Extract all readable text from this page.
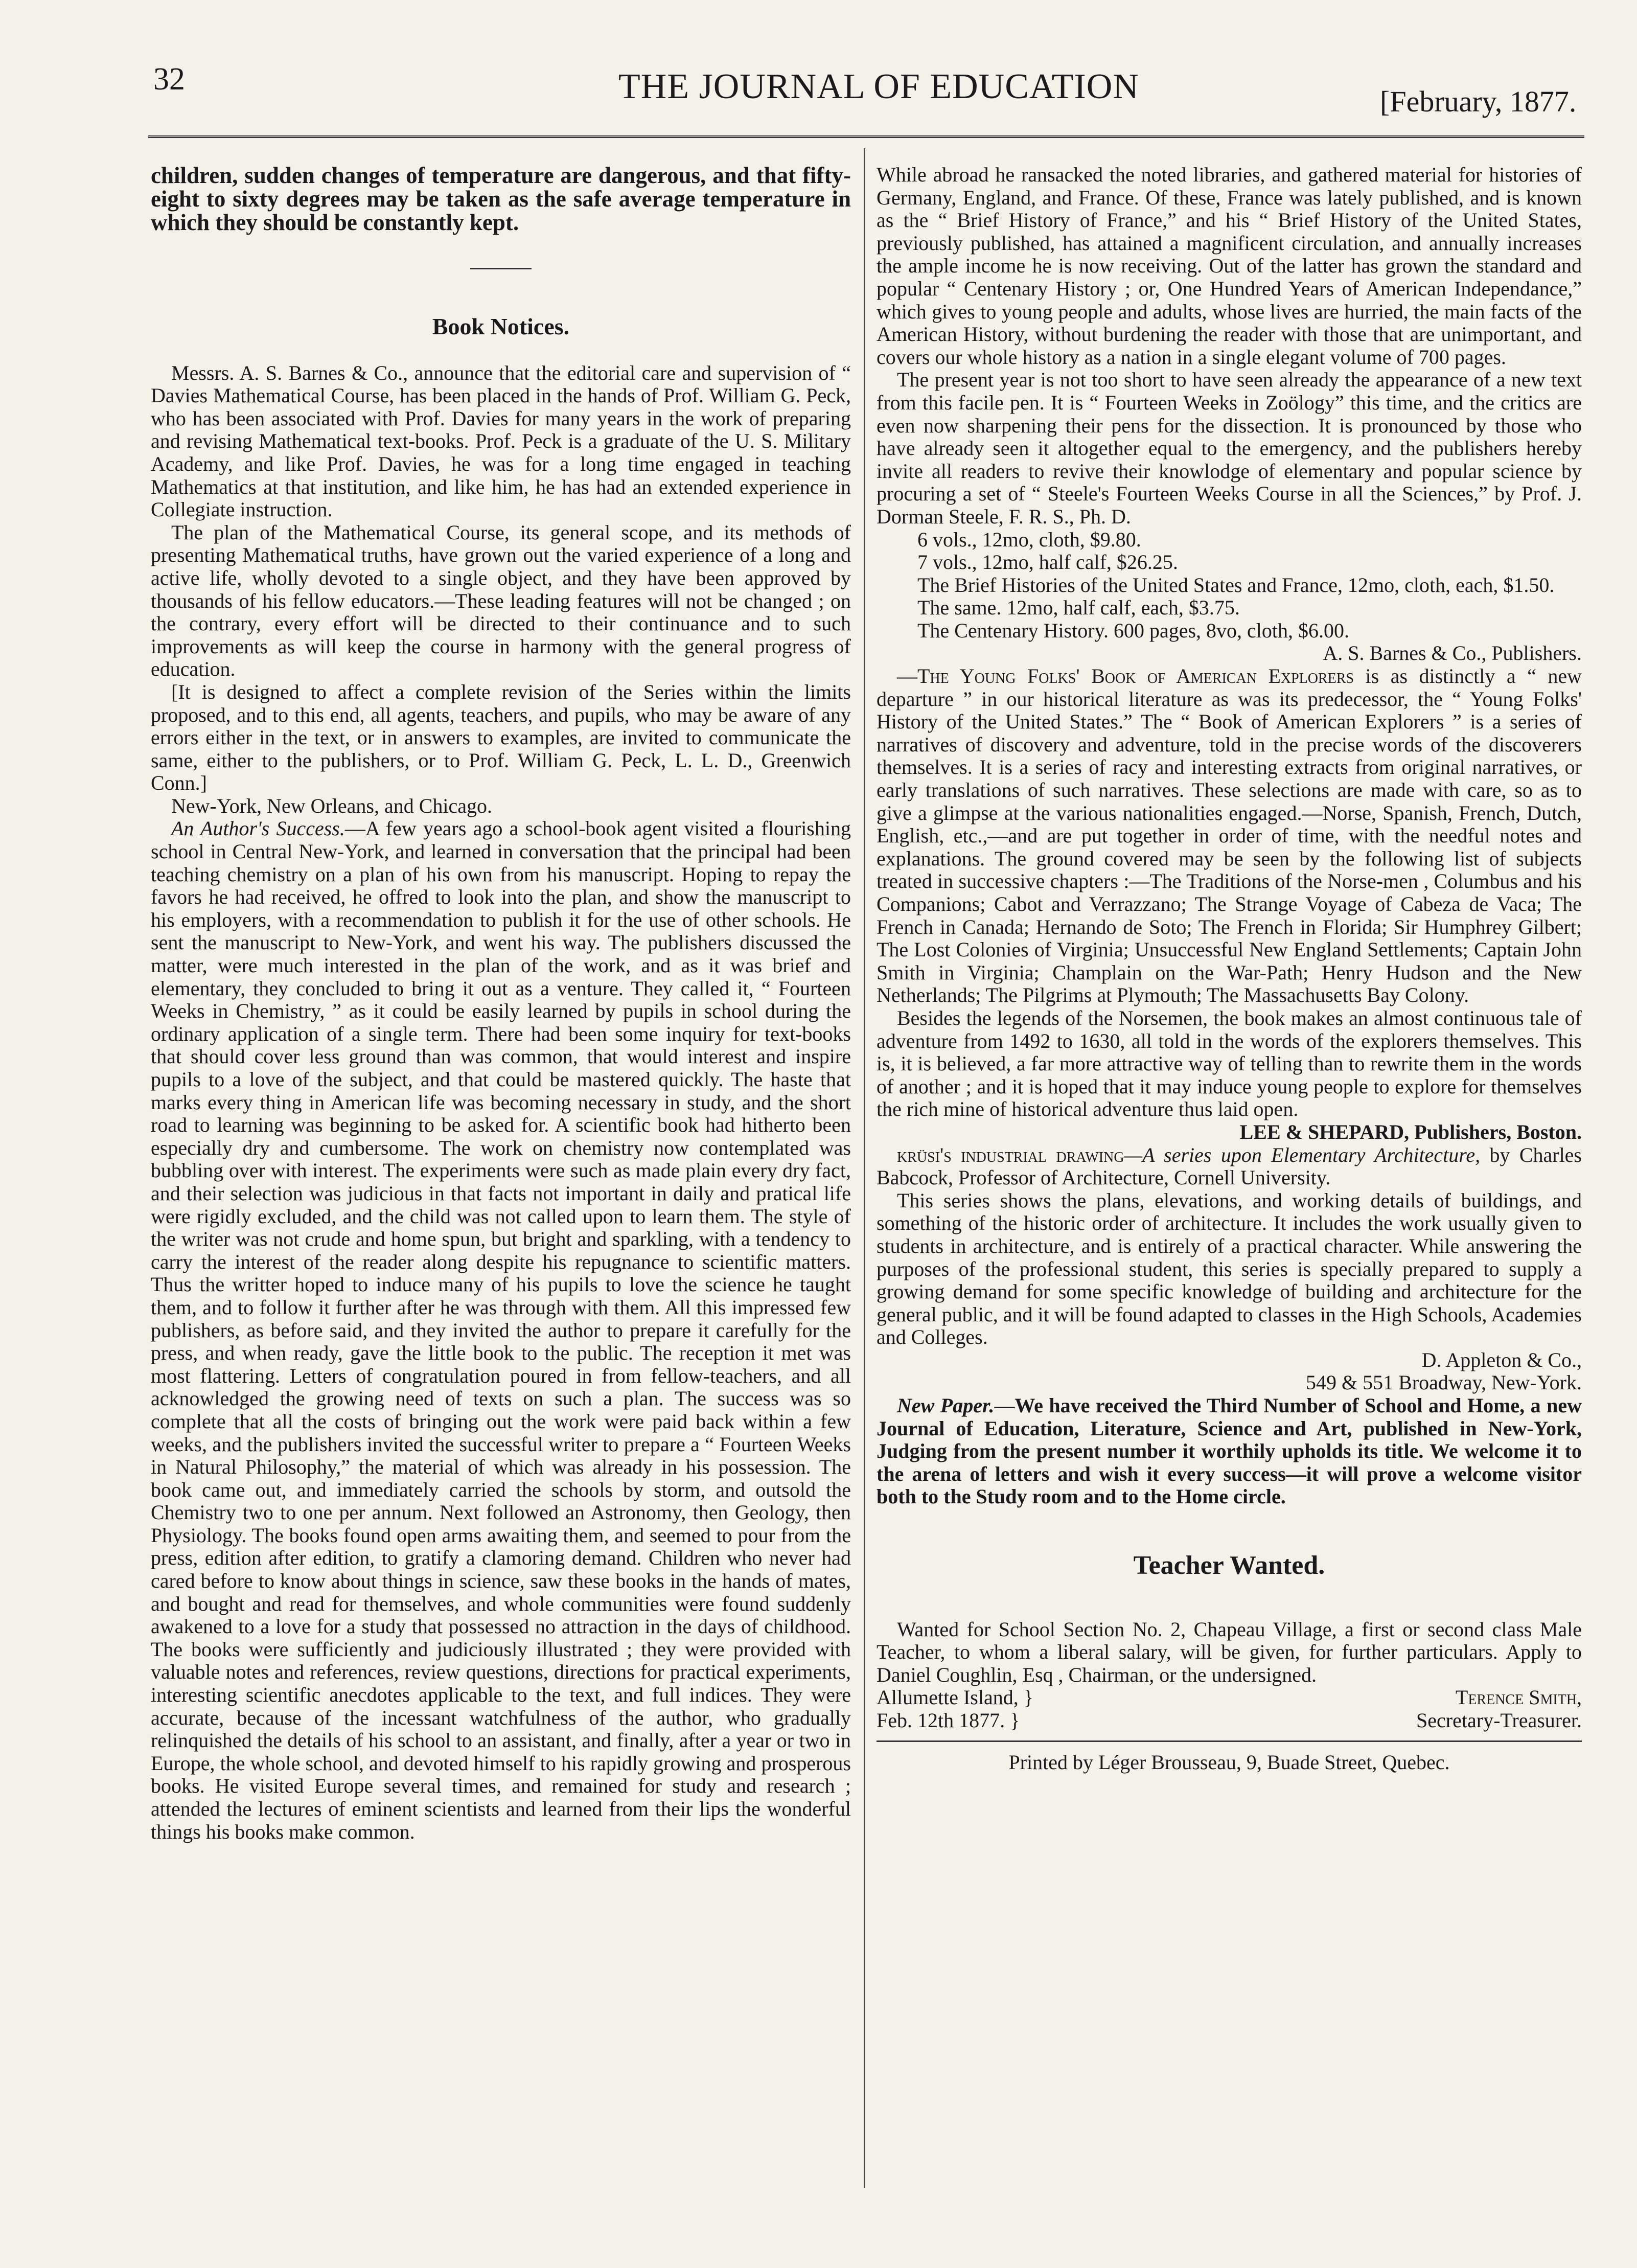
32	THE JOURNAL OF EDUCATION	[February, 1877.

children, sudden changes of temperature are dangerous, and that fifty-eight to sixty degrees may be taken as the safe average temperature in which they should be constantly kept.

Book Notices.

Messrs. A. S. Barnes & Co., announce that the editorial care and supervision of “ Davies Mathematical Course, has been placed in the hands of Prof. William G. Peck, who has been associated with Prof. Davies for many years in the work of preparing and revising Mathematical text-books. Prof. Peck is a graduate of the U. S. Military Academy, and like Prof. Davies, he was for a long time engaged in teaching Mathematics at that institution, and like him, he has had an extended experience in Collegiate instruction.

The plan of the Mathematical Course, its general scope, and its methods of presenting Mathematical truths, have grown out the varied experience of a long and active life, wholly devoted to a single object, and they have been approved by thousands of his fellow educators.—These leading features will not be changed ; on the contrary, every effort will be directed to their continuance and to such improvements as will keep the course in harmony with the general progress of education.

[It is designed to affect a complete revision of the Series within the limits proposed, and to this end, all agents, teachers, and pupils, who may be aware of any errors either in the text, or in answers to examples, are invited to communicate the same, either to the publishers, or to Prof. William G. Peck, L. L. D., Greenwich Conn.]

New-York, New Orleans, and Chicago.

An Author's Success.—A few years ago a school-book agent visited a flourishing school in Central New-York, and learned in conversation that the principal had been teaching chemistry on a plan of his own from his manuscript. Hoping to repay the favors he had received, he offred to look into the plan, and show the manuscript to his employers, with a recommendation to publish it for the use of other schools. He sent the manuscript to New-York, and went his way. The publishers discussed the matter, were much interested in the plan of the work, and as it was brief and elementary, they concluded to bring it out as a venture. They called it, “ Fourteen Weeks in Chemistry, ” as it could be easily learned by pupils in school during the ordinary application of a single term. There had been some inquiry for text-books that should cover less ground than was common, that would interest and inspire pupils to a love of the subject, and that could be mastered quickly. The haste that marks every thing in American life was becoming necessary in study, and the short road to learning was beginning to be asked for. A scientific book had hitherto been especially dry and cumbersome. The work on chemistry now contemplated was bubbling over with interest. The experiments were such as made plain every dry fact, and their selection was judicious in that facts not important in daily and pratical life were rigidly excluded, and the child was not called upon to learn them. The style of the writer was not crude and home spun, but bright and sparkling, with a tendency to carry the interest of the reader along despite his repugnance to scientific matters. Thus the writter hoped to induce many of his pupils to love the science he taught them, and to follow it further after he was through with them. All this impressed few publishers, as before said, and they invited the author to prepare it carefully for the press, and when ready, gave the little book to the public. The reception it met was most flattering. Letters of congratulation poured in from fellow-teachers, and all acknowledged the growing need of texts on such a plan. The success was so complete that all the costs of bringing out the work were paid back within a few weeks, and the publishers invited the successful writer to prepare a “ Fourteen Weeks in Natural Philosophy,” the material of which was already in his possession. The book came out, and immediately carried the schools by storm, and outsold the Chemistry two to one per annum. Next followed an Astronomy, then Geology, then Physiology. The books found open arms awaiting them, and seemed to pour from the press, edition after edition, to gratify a clamoring demand. Children who never had cared before to know about things in science, saw these books in the hands of mates, and bought and read for themselves, and whole communities were found suddenly awakened to a love for a study that possessed no attraction in the days of childhood. The books were sufficiently and judiciously illustrated ; they were provided with valuable notes and references, review questions, directions for practical experiments, interesting scientific anecdotes applicable to the text, and full indices. They were accurate, because of the incessant watchfulness of the author, who gradually relinquished the details of his school to an assistant, and finally, after a year or two in Europe, the whole school, and devoted himself to his rapidly growing and prosperous books. He visited Europe several times, and remained for study and research ; attended the lectures of eminent scientists and learned from their lips the wonderful things his books make common.

While abroad he ransacked the noted libraries, and gathered material for histories of Germany, England, and France. Of these, France was lately published, and is known as the “ Brief History of France,” and his “ Brief History of the United States, previously published, has attained a magnificent circulation, and annually increases the ample income he is now receiving. Out of the latter has grown the standard and popular “ Centenary History ; or, One Hundred Years of American Independance,” which gives to young people and adults, whose lives are hurried, the main facts of the American History, without burdening the reader with those that are unimportant, and covers our whole history as a nation in a single elegant volume of 700 pages.

The present year is not too short to have seen already the appearance of a new text from this facile pen. It is “ Fourteen Weeks in Zoölogy” this time, and the critics are even now sharpening their pens for the dissection. It is pronounced by those who have already seen it altogether equal to the emergency, and the publishers hereby invite all readers to revive their knowlodge of elementary and popular science by procuring a set of “ Steele's Fourteen Weeks Course in all the Sciences,” by Prof. J. Dorman Steele, F. R. S., Ph. D.

6 vols., 12mo, cloth, $9.80.

7 vols., 12mo, half calf, $26.25.

The Brief Histories of the United States and France, 12mo, cloth, each, $1.50.

The same. 12mo, half calf, each, $3.75.

The Centenary History. 600 pages, 8vo, cloth, $6.00.

A. S. Barnes & Co., Publishers.

—The Young Folks' Book of American Explorers is as distinctly a “ new departure ” in our historical literature as was its predecessor, the “ Young Folks' History of the United States.” The “ Book of American Explorers ” is a series of narratives of discovery and adventure, told in the precise words of the discoverers themselves. It is a series of racy and interesting extracts from original narratives, or early translations of such narratives. These selections are made with care, so as to give a glimpse at the various nationalities engaged.—Norse, Spanish, French, Dutch, English, etc.,—and are put together in order of time, with the needful notes and explanations. The ground covered may be seen by the following list of subjects treated in successive chapters :—The Traditions of the Norse-men , Columbus and his Companions; Cabot and Verrazzano; The Strange Voyage of Cabeza de Vaca; The French in Canada; Hernando de Soto; The French in Florida; Sir Humphrey Gilbert; The Lost Colonies of Virginia; Unsuccessful New England Settlements; Captain John Smith in Virginia; Champlain on the War-Path; Henry Hudson and the New Netherlands; The Pilgrims at Plymouth; The Massachusetts Bay Colony.

Besides the legends of the Norsemen, the book makes an almost continuous tale of adventure from 1492 to 1630, all told in the words of the explorers themselves. This is, it is believed, a far more attractive way of telling than to rewrite them in the words of another ; and it is hoped that it may induce young people to explore for themselves the rich mine of historical adventure thus laid open.

LEE & SHEPARD, Publishers, Boston.

krüsi's industrial drawing—A series upon Elementary Architecture, by Charles Babcock, Professor of Architecture, Cornell University.

This series shows the plans, elevations, and working details of buildings, and something of the historic order of architecture. It includes the work usually given to students in architecture, and is entirely of a practical character. While answering the purposes of the professional student, this series is specially prepared to supply a growing demand for some specific knowledge of building and architecture for the general public, and it will be found adapted to classes in the High Schools, Academies and Colleges.

D. Appleton & Co.,

549 & 551 Broadway, New-York.

New Paper.—We have received the Third Number of School and Home, a new Journal of Education, Literature, Science and Art, published in New-York, Judging from the present number it worthily upholds its title. We welcome it to the arena of letters and wish it every success—it will prove a welcome visitor both to the Study room and to the Home circle.

Teacher Wanted.

Wanted for School Section No. 2, Chapeau Village, a first or second class Male Teacher, to whom a liberal salary, will be given, for further particulars. Apply to Daniel Coughlin, Esq , Chairman, or the undersigned.

Allumette Island, }
Feb. 12th 1877. }
Terence Smith,
Secretary-Treasurer.

Printed by Léger Brousseau, 9, Buade Street, Quebec.
